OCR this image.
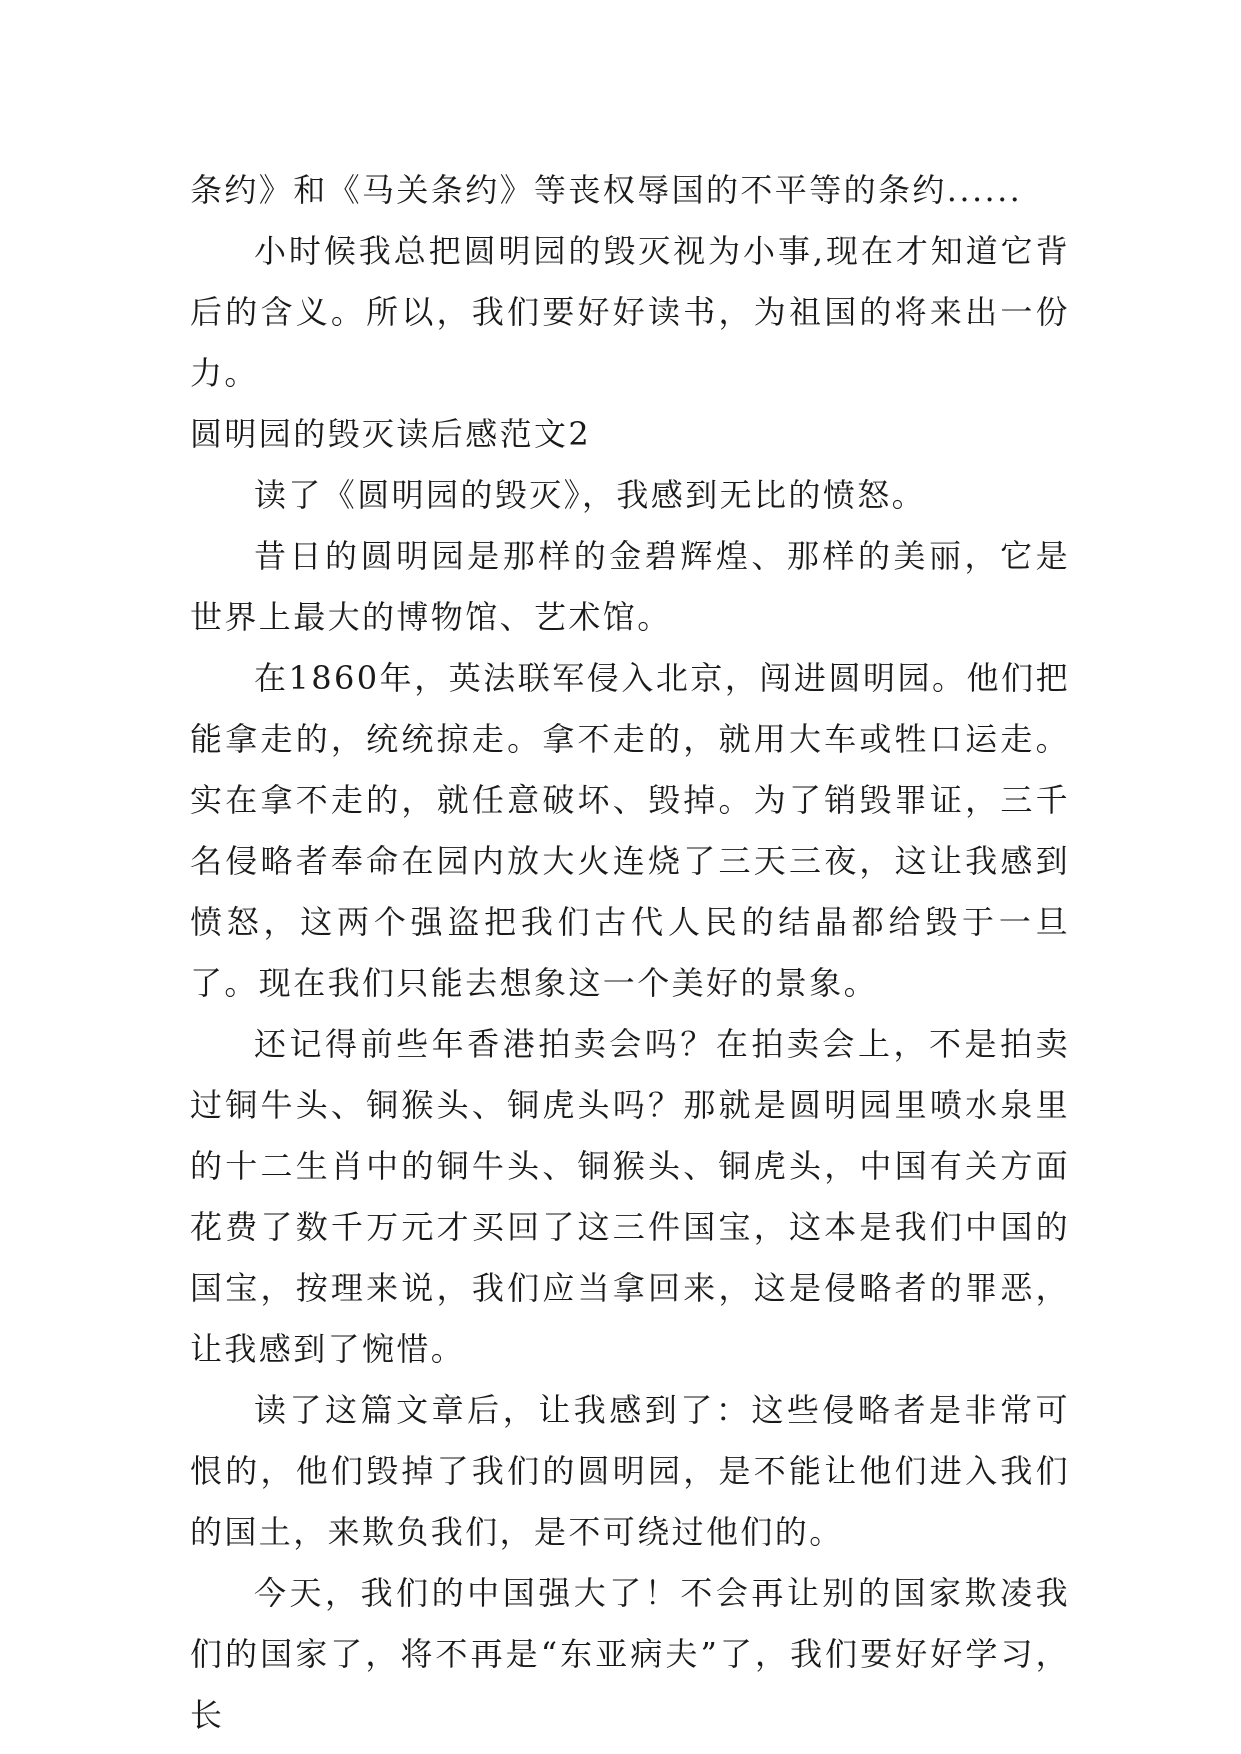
条约》和《马关条约》等丧权辱国的不平等的条约......

小时候我总把圆明园的毁灭视为小事,现在才知道它背后的含义。所以，我们要好好读书，为祖国的将来出一份力。

圆明园的毁灭读后感范文2

读了《圆明园的毁灭》，我感到无比的愤怒。

昔日的圆明园是那样的金碧辉煌、那样的美丽，它是世界上最大的博物馆、艺术馆。

在1860年，英法联军侵入北京，闯进圆明园。他们把能拿走的，统统掠走。拿不走的，就用大车或牲口运走。实在拿不走的，就任意破坏、毁掉。为了销毁罪证，三千名侵略者奉命在园内放大火连烧了三天三夜，这让我感到愤怒，这两个强盗把我们古代人民的结晶都给毁于一旦了。现在我们只能去想象这一个美好的景象。

还记得前些年香港拍卖会吗？在拍卖会上，不是拍卖过铜牛头、铜猴头、铜虎头吗？那就是圆明园里喷水泉里的十二生肖中的铜牛头、铜猴头、铜虎头，中国有关方面花费了数千万元才买回了这三件国宝，这本是我们中国的国宝，按理来说，我们应当拿回来，这是侵略者的罪恶，让我感到了惋惜。

读了这篇文章后，让我感到了：这些侵略者是非常可恨的，他们毁掉了我们的圆明园，是不能让他们进入我们的国土，来欺负我们，是不可绕过他们的。

今天，我们的中国强大了！不会再让别的国家欺凌我们的国家了，将不再是“东亚病夫”了，我们要好好学习，长
